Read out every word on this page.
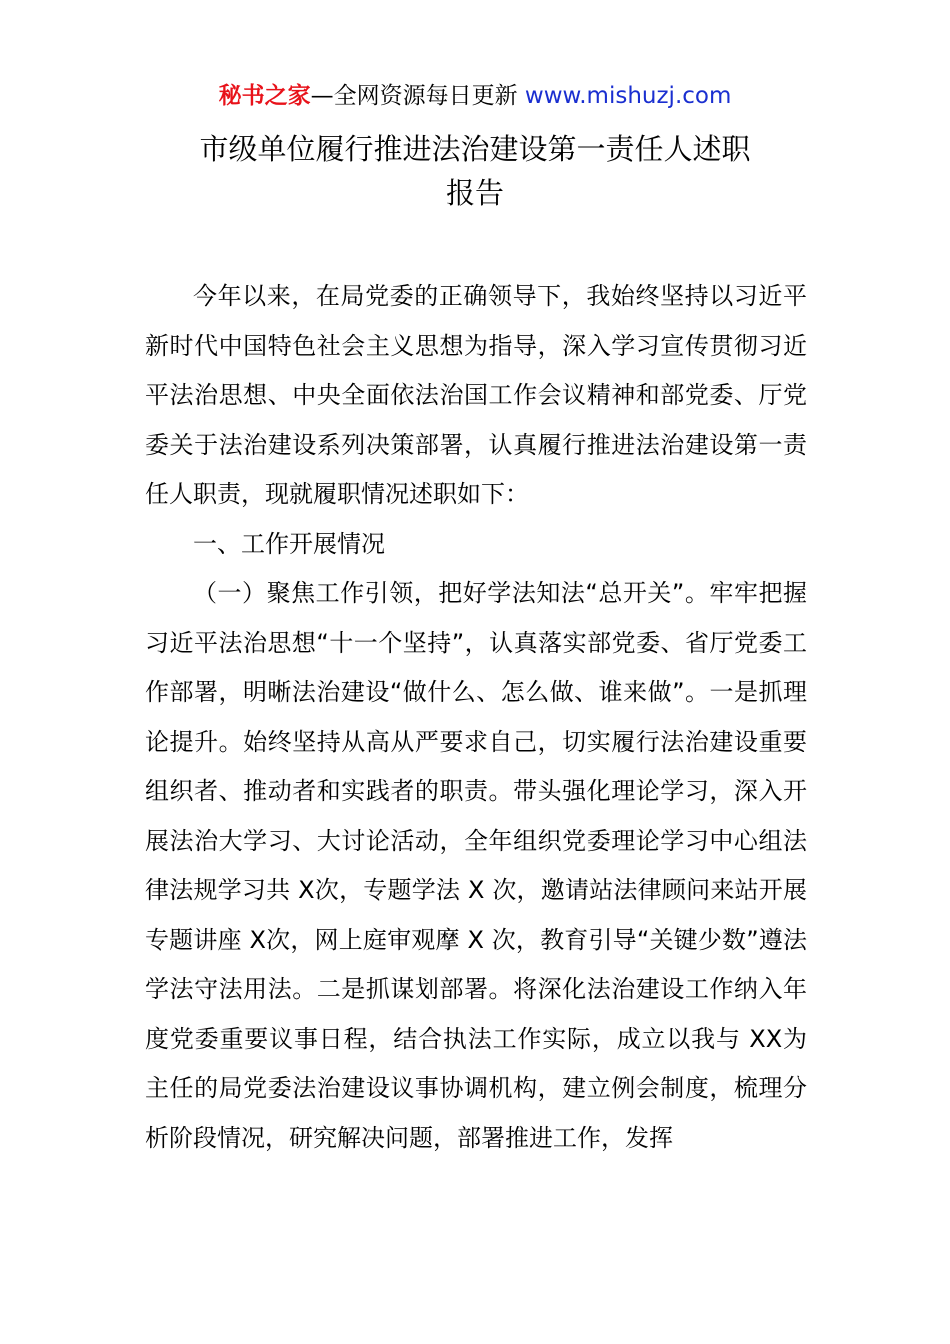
秘书之家—全网资源每日更新 www.mishuzj.com
市级单位履行推进法治建设第一责任人述职
报告

今年以来，在局党委的正确领导下，我始终坚持以习近平新时代中国特色社会主义思想为指导，深入学习宣传贯彻习近平法治思想、中央全面依法治国工作会议精神和部党委、厅党委关于法治建设系列决策部署，认真履行推进法治建设第一责任人职责，现就履职情况述职如下：

一、工作开展情况

（一）聚焦工作引领，把好学法知法“总开关”。牢牢把握习近平法治思想“十一个坚持”，认真落实部党委、省厅党委工作部署，明晰法治建设“做什么、怎么做、谁来做”。一是抓理论提升。始终坚持从高从严要求自己，切实履行法治建设重要组织者、推动者和实践者的职责。带头强化理论学习，深入开展法治大学习、大讨论活动，全年组织党委理论学习中心组法律法规学习共 X次，专题学法 X 次，邀请站法律顾问来站开展专题讲座 X次，网上庭审观摩 X 次，教育引导“关键少数”遵法学法守法用法。二是抓谋划部署。将深化法治建设工作纳入年度党委重要议事日程，结合执法工作实际，成立以我与 XX为主任的局党委法治建设议事协调机构，建立例会制度，梳理分析阶段情况，研究解决问题，部署推进工作，发挥
